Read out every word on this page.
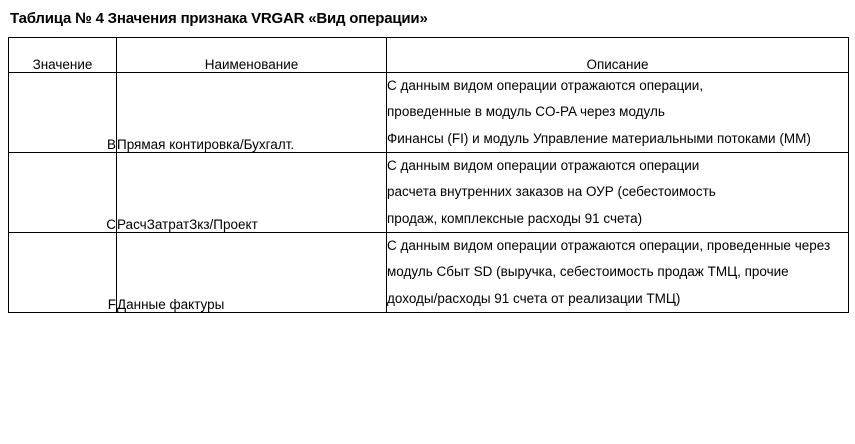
Таблица № 4 Значения признака VRGAR «Вид операции»
Значение	Наименование	Описание
B	Прямая контировка/Бухгалт.	С данным видом операции отражаются операции, проведенные в модуль CO-PA через модуль Финансы (FI) и модуль Управление материальными потоками (ММ)
C	РасчЗатратЗкз/Проект	С данным видом операции отражаются операции расчета внутренних заказов на ОУР (себестоимость продаж, комплексные расходы 91 счета)
F	Данные фактуры	С данным видом операции отражаются операции, проведенные через модуль Сбыт SD (выручка, себестоимость продаж ТМЦ, прочие доходы/расходы 91 счета от реализации ТМЦ)
